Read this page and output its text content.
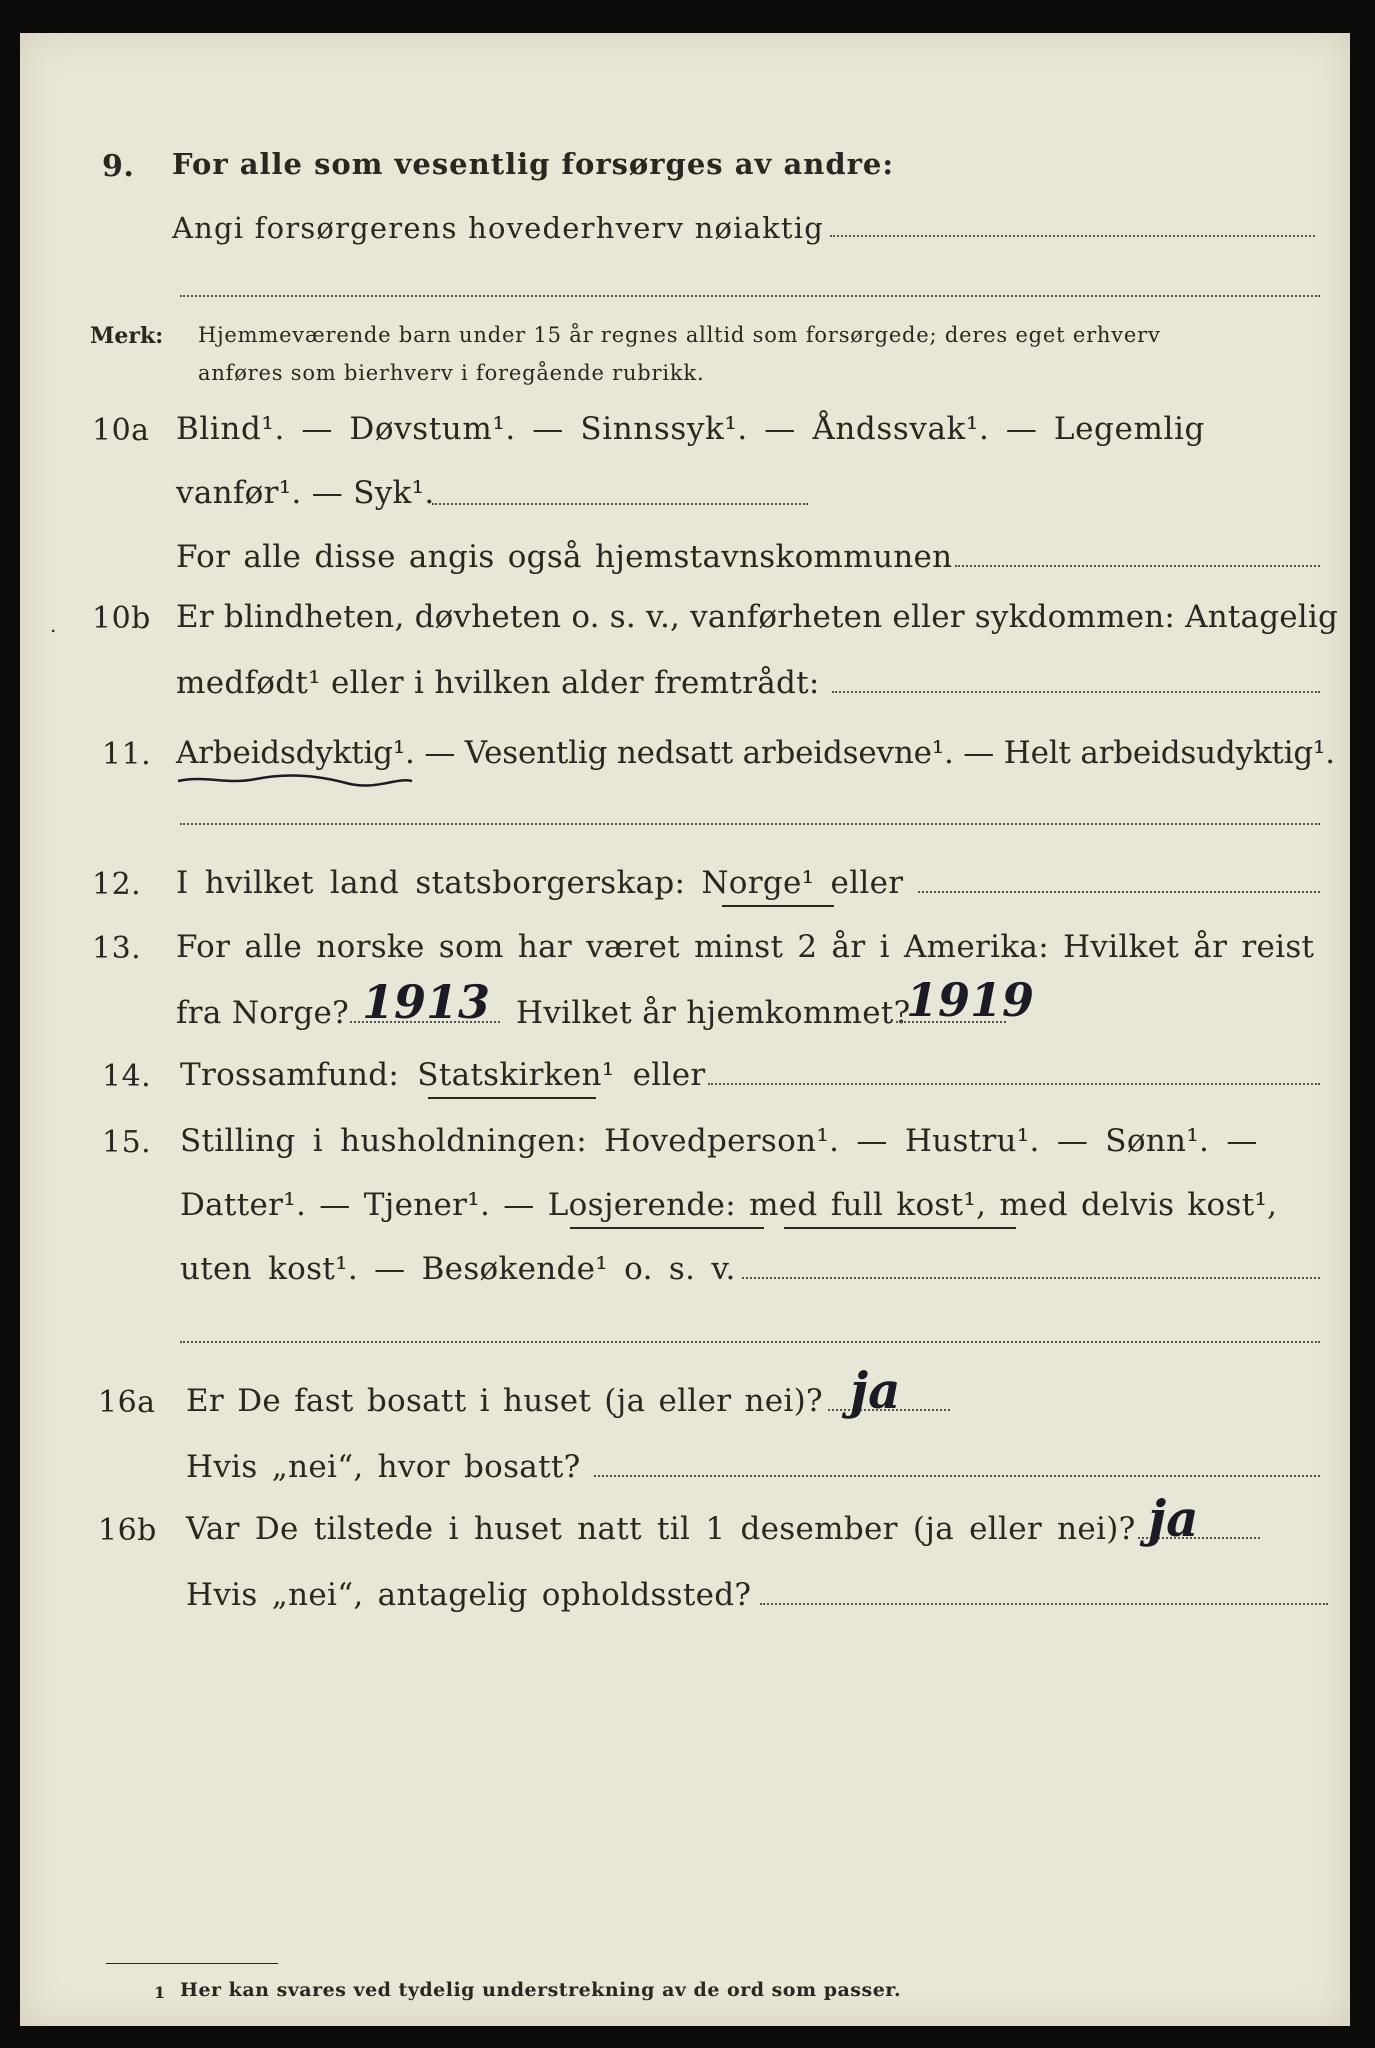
9. For alle som vesentlig forsørges av andre:
Angi forsørgerens hovederhverv nøiaktig
Merk: Hjemmeværende barn under 15 år regnes alltid som forsørgede; deres eget erhverv
anføres som bierhverv i foregående rubrikk.
10a Blind¹. — Døvstum¹. — Sinnssyk¹. — Åndssvak¹. — Legemlig
vanfør¹. — Syk¹.
For alle disse angis også hjemstavnskommunen
. 10b Er blindheten, døvheten o. s. v., vanførheten eller sykdommen: Antagelig
medfødt¹ eller i hvilken alder fremtrådt:
11. Arbeidsdyktig¹. — Vesentlig nedsatt arbeidsevne¹. — Helt arbeidsudyktig¹.
12. I hvilket land statsborgerskap: Norge¹ eller
13. For alle norske som har været minst 2 år i Amerika: Hvilket år reist
fra Norge? 1913 Hvilket år hjemkommet?
1919
14. Trossamfund: Statskirken¹ eller
15. Stilling i husholdningen: Hovedperson¹. — Hustru¹. — Sønn¹. —
Datter¹. — Tjener¹. — Losjerende: med full kost¹, med delvis kost¹,
uten kost¹. — Besøkende¹ o. s. v.
16a Er De fast bosatt i huset (ja eller nei)? ja
Hvis „nei“, hvor bosatt?
16b Var De tilstede i huset natt til 1 desember (ja eller nei)? ja
Hvis „nei“, antagelig opholdssted?
1 Her kan svares ved tydelig understrekning av de ord som passer.
